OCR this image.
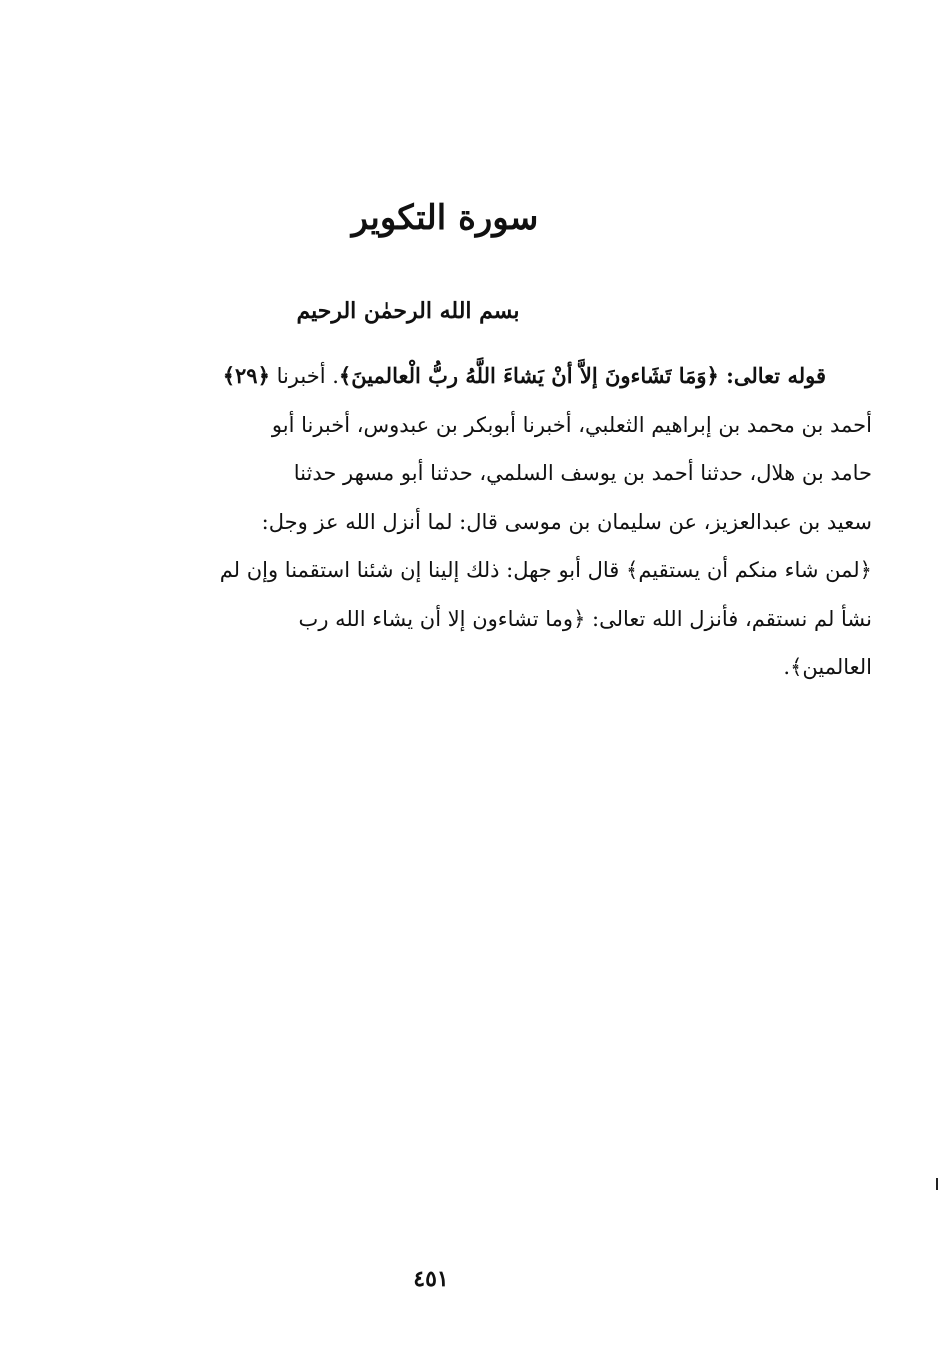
سورة التكوير
بسم الله الرحمٰن الرحيم
قوله تعالى: ﴿وَمَا تَشَاءونَ إلاَّ أنْ يَشاءَ اللَّهُ ربُّ الْعالمينَ﴾. أخبرنا ﴿٢٩﴾
أحمد بن محمد بن إبراهيم الثعلبي، أخبرنا أبوبكر بن عبدوس، أخبرنا أبو
حامد بن هلال، حدثنا أحمد بن يوسف السلمي، حدثنا أبو مسهر حدثنا
سعيد بن عبدالعزيز، عن سليمان بن موسى قال: لما أنزل الله عز وجل:
﴿لمن شاء منكم أن يستقيم﴾ قال أبو جهل: ذلك إلينا إن شئنا استقمنا وإن لم
نشأ لم نستقم، فأنزل الله تعالى: ﴿وما تشاءون إلا أن يشاء الله رب
العالمين﴾.
٤٥١
